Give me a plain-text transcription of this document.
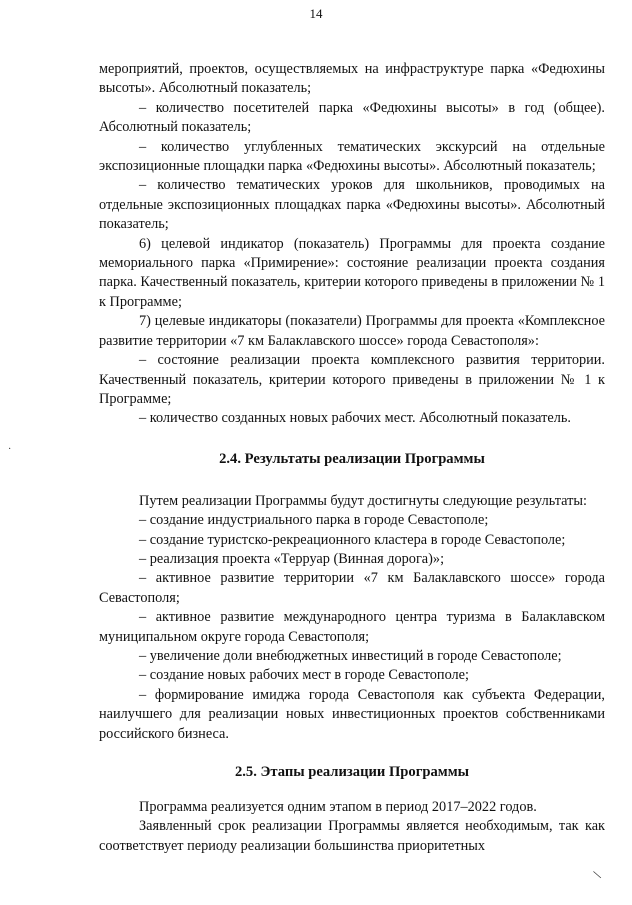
14

мероприятий, проектов, осуществляемых на инфраструктуре парка «Федюхины высоты». Абсолютный показатель;

– количество посетителей парка «Федюхины высоты» в год (общее). Абсолютный показатель;

– количество углубленных тематических экскурсий на отдельные экспозиционные площадки парка «Федюхины высоты». Абсолютный показатель;

– количество тематических уроков для школьников, проводимых на отдельные экспозиционных площадках парка «Федюхины высоты». Абсолютный показатель;

6) целевой индикатор (показатель) Программы для проекта создание мемориального парка «Примирение»: состояние реализации проекта создания парка. Качественный показатель, критерии которого приведены в приложении № 1 к Программе;

7) целевые индикаторы (показатели) Программы для проекта «Комплексное развитие территории «7 км Балаклавского шоссе» города Севастополя»:

– состояние реализации проекта комплексного развития территории. Качественный показатель, критерии которого приведены в приложении № 1 к Программе;

– количество созданных новых рабочих мест. Абсолютный показатель.

2.4. Результаты реализации Программы

Путем реализации Программы будут достигнуты следующие результаты:

– создание индустриального парка в городе Севастополе;

– создание туристско-рекреационного кластера в городе Севастополе;

– реализация проекта «Терруар (Винная дорога)»;

– активное развитие территории «7 км Балаклавского шоссе» города Севастополя;

– активное развитие международного центра туризма в Балаклавском муниципальном округе города Севастополя;

– увеличение доли внебюджетных инвестиций в городе Севастополе;

– создание новых рабочих мест в городе Севастополе;

– формирование имиджа города Севастополя как субъекта Федерации, наилучшего для реализации новых инвестиционных проектов собственниками российского бизнеса.

2.5. Этапы реализации Программы

Программа реализуется одним этапом в период 2017–2022 годов.

Заявленный срок реализации Программы является необходимым, так как соответствует периоду реализации большинства приоритетных

·
\
